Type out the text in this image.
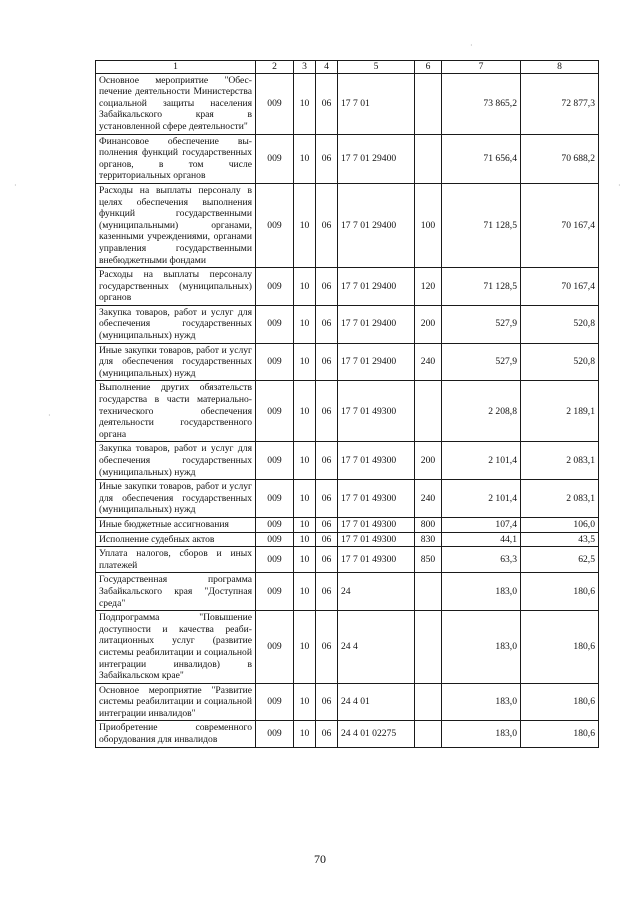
·
·
·
·
1	2	3	4	5	6	7	8
Основное мероприятие "Обеспечение деятельности Министерства социальной защиты населения Забайкальского края в установленной сфере деятельности"	009	10	06	17 7 01		73 865,2	72 877,3
Финансовое обеспечение выполнения функций государственных органов, в том числе территориальных органов	009	10	06	17 7 01 29400		71 656,4	70 688,2
Расходы на выплаты персоналу в целях обеспечения выполнения функций государственными (муниципальными) органами, казенными учреждениями, органами управления государственными внебюджетными фондами	009	10	06	17 7 01 29400	100	71 128,5	70 167,4
Расходы на выплаты персоналу государственных (муниципальных) органов	009	10	06	17 7 01 29400	120	71 128,5	70 167,4
Закупка товаров, работ и услуг для обеспечения государственных (муниципальных) нужд	009	10	06	17 7 01 29400	200	527,9	520,8
Иные закупки товаров, работ и услуг для обеспечения государственных (муниципальных) нужд	009	10	06	17 7 01 29400	240	527,9	520,8
Выполнение других обязательств государства в части материально-технического обеспечения деятельности государственного органа	009	10	06	17 7 01 49300		2 208,8	2 189,1
Закупка товаров, работ и услуг для обеспечения государственных (муниципальных) нужд	009	10	06	17 7 01 49300	200	2 101,4	2 083,1
Иные закупки товаров, работ и услуг для обеспечения государственных (муниципальных) нужд	009	10	06	17 7 01 49300	240	2 101,4	2 083,1
Иные бюджетные ассигнования	009	10	06	17 7 01 49300	800	107,4	106,0
Исполнение судебных актов	009	10	06	17 7 01 49300	830	44,1	43,5
Уплата налогов, сборов и иных платежей	009	10	06	17 7 01 49300	850	63,3	62,5
Государственная программа Забайкальского края "Доступная среда"	009	10	06	24		183,0	180,6
Подпрограмма "Повышение доступности и качества реабилитационных услуг (развитие системы реабилитации и социальной интеграции инвалидов) в Забайкальском крае"	009	10	06	24 4		183,0	180,6
Основное мероприятие "Развитие системы реабилитации и социальной интеграции инвалидов"	009	10	06	24 4 01		183,0	180,6
Приобретение современного оборудования для инвалидов	009	10	06	24 4 01 02275		183,0	180,6
70
